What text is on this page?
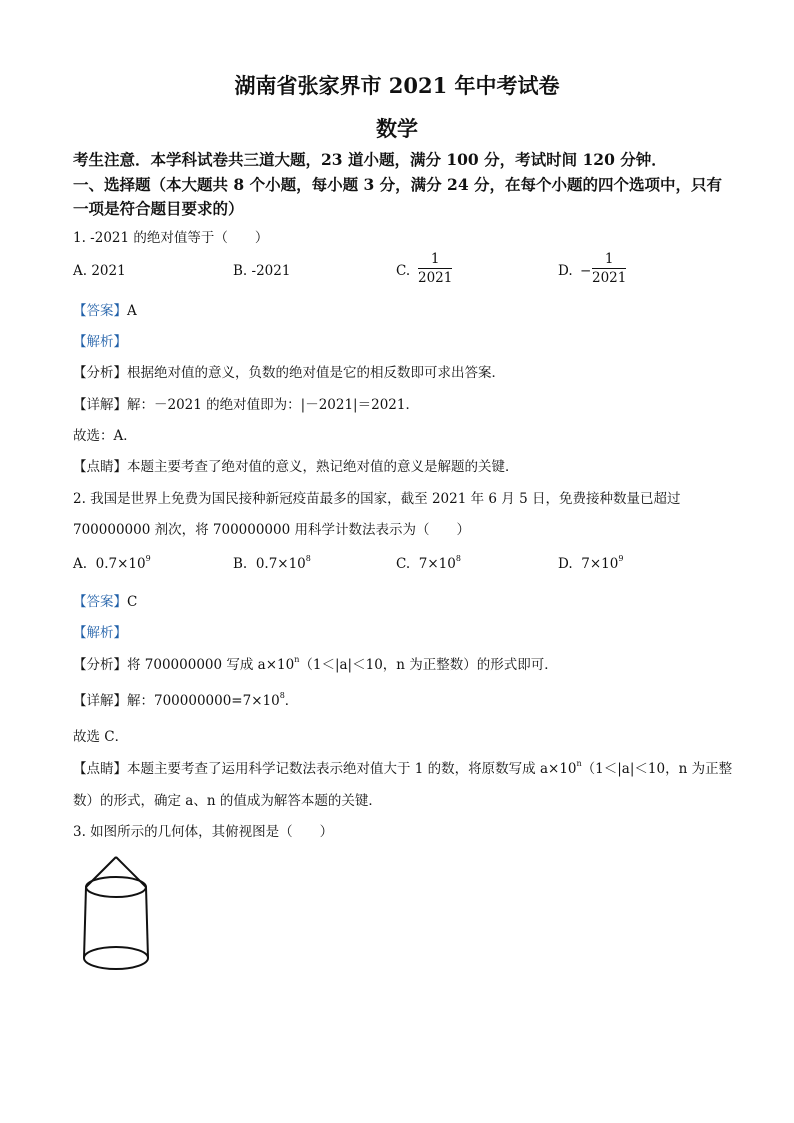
湖南省张家界市 2021 年中考试卷
数学
考生注意．本学科试卷共三道大题，23 道小题，满分 100 分，考试时间 120 分钟．
一、选择题（本大题共 8 个小题，每小题 3 分，满分 24 分，在每个小题的四个选项中，只有
一项是符合题目要求的）
1. -2021 的绝对值等于（　　）
A. 2021	B. -2021	C. $\frac{1}{2021}$	D. − $\frac{1}{2021}$
【答案】A
【解析】
【分析】根据绝对值的意义，负数的绝对值是它的相反数即可求出答案．
【详解】解：－2021 的绝对值即为：|－2021|＝2021．
故选：A．
【点睛】本题主要考查了绝对值的意义，熟记绝对值的意义是解题的关键．
2. 我国是世界上免费为国民接种新冠疫苗最多的国家，截至 2021 年 6 月 5 日，免费接种数量已超过
700000000 剂次，将 700000000 用科学计数法表示为（　　）
A. $0.7\times 10^9$	B. $0.7\times 10^8$	C. $7\times 10^8$	D. $7\times 10^9$
【答案】C
【解析】
【分析】将 700000000 写成 $a\times 10^n(1<|a|<10$，n 为正整数）的形式即可．
【详解】解：$700000000=7\times 10^8$．
故选 C．
【点睛】本题主要考查了运用科学记数法表示绝对值大于 1 的数，将原数写成 $a\times 10^n(1<|a|<10$，n 为正整
数）的形式，确定 a、n 的值成为解答本题的关键．
3. 如图所示的几何体，其俯视图是（　　）
